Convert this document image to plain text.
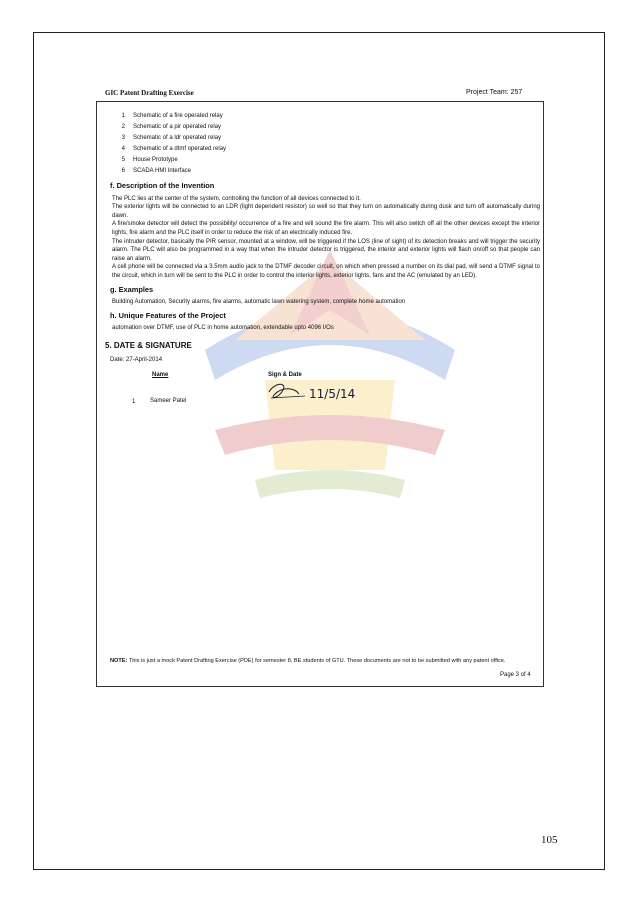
GIC Patent Drafting Exercise	Project Team: 257
1	Schematic of a fire operated relay
2	Schematic of a pir operated relay
3	Schematic of a ldr operated relay
4	Schematic of a dtmf operated relay
5	House Prototype
6	SCADA HMI Interface
f. Description of the Invention

The PLC lies at the center of the system, controlling the function of all devices connected to it.

The exterior lights will be connected to an LDR (light dependent resistor) so well so that they turn on automatically during dusk and turn off automatically during dawn.

A fire/smoke detector will detect the possibility/ occurrence of a fire and will sound the fire alarm. This will also switch off all the other devices except the interior lights, fire alarm and the PLC itself in order to reduce the risk of an electrically induced fire.

The intruder detector, basically the PIR sensor, mounted at a window, will be triggered if the LOS (line of sight) of its detection breaks and will trigger the security alarm. The PLC will also be programmed in a way that when the intruder detector is triggered, the interior and exterior lights will flash on/off so that people can raise an alarm.

A cell phone will be connected via a 3.5mm audio jack to the DTMF decoder circuit, on which when pressed a number on its dial pad, will send a DTMF signal to the circuit, which in turn will be sent to the PLC in order to control the interior lights, exterior lights, fans and the AC (emulated by an LED).

g. Examples

Building Automation, Security alarms, fire alarms, automatic lawn watering system, complete home automation

h. Unique Features of the Project

automation over DTMF, use of PLC in home automation, extendable upto 4096 I/Os

5. DATE & SIGNATURE
Date: 27-April-2014
Name	Sign & Date
1 Sameer Patel	11/5/14
NOTE: This is just a mock Patent Drafting Exercise (PDE) for semester 8, BE students of GTU. These documents are not to be submitted with any patent office.
Page 3 of 4
105
